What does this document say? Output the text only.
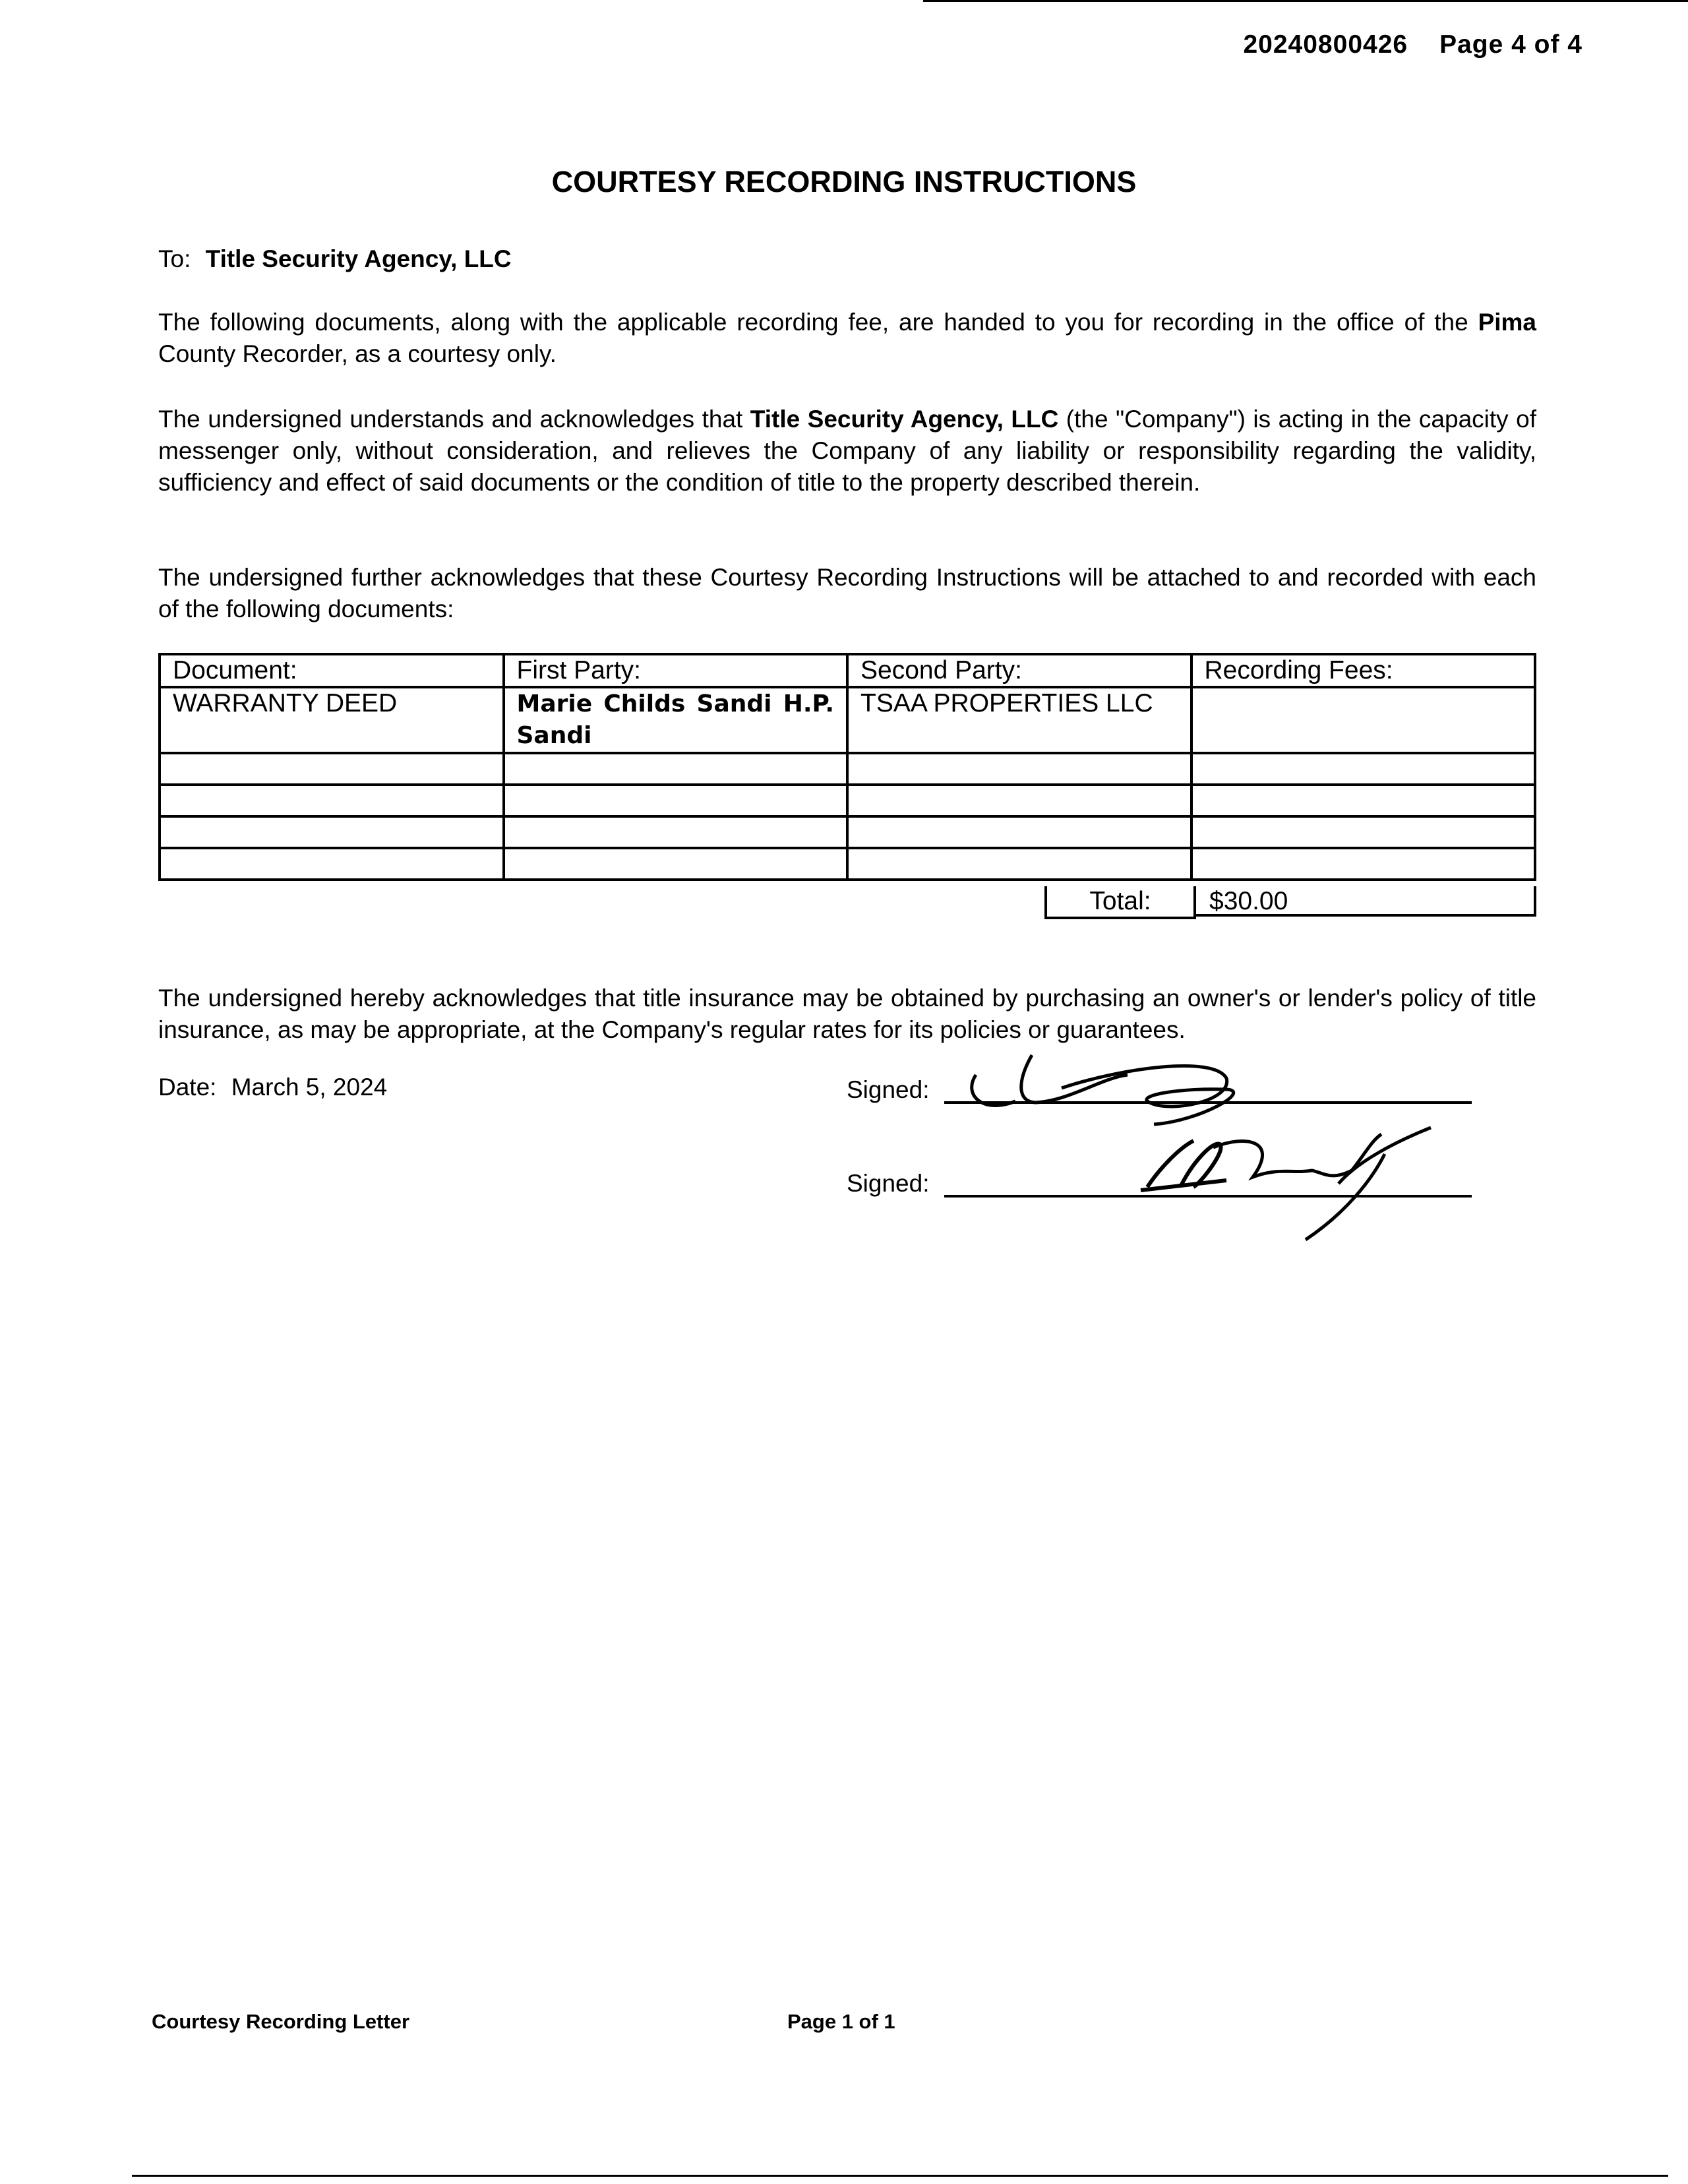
20240800426 Page 4 of 4
COURTESY RECORDING INSTRUCTIONS
To: Title Security Agency, LLC
The following documents, along with the applicable recording fee, are handed to you for recording in the office of the Pima County Recorder, as a courtesy only.
The undersigned understands and acknowledges that Title Security Agency, LLC (the "Company") is acting in the capacity of messenger only, without consideration, and relieves the Company of any liability or responsibility regarding the validity, sufficiency and effect of said documents or the condition of title to the property described therein.
The undersigned further acknowledges that these Courtesy Recording Instructions will be attached to and recorded with each of the following documents:
Document:	First Party:	Second Party:	Recording Fees:
WARRANTY DEED	Marie Childs Sandi H.P. Sandi	TSAA PROPERTIES LLC	

Total:	$30.00
The undersigned hereby acknowledges that title insurance may be obtained by purchasing an owner's or lender's policy of title insurance, as may be appropriate, at the Company's regular rates for its policies or guarantees.
Date: March 5, 2024	Signed:
Signed:
Courtesy Recording Letter	Page 1 of 1
